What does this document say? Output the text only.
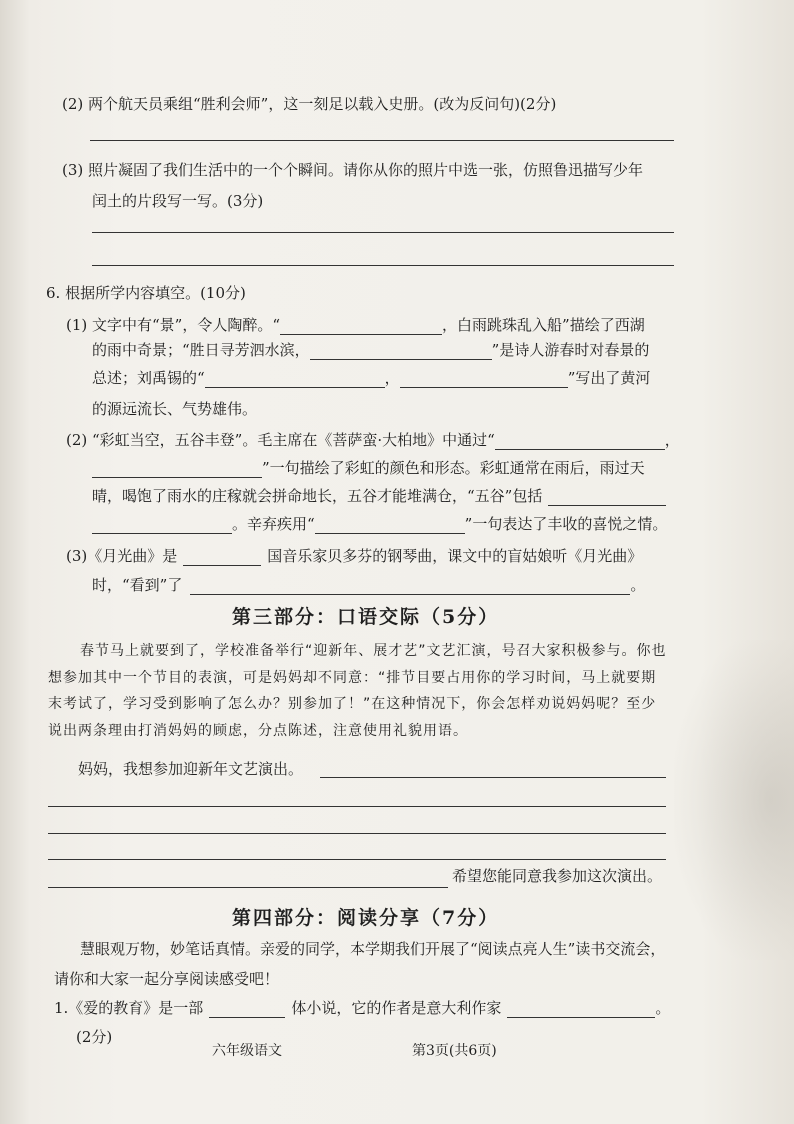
(2) 两个航天员乘组“胜利会师”，这一刻足以载入史册。(改为反问句)(2分)
(3) 照片凝固了我们生活中的一个个瞬间。请你从你的照片中选一张，仿照鲁迅描写少年
闰土的片段写一写。(3分)
6. 根据所学内容填空。(10分)
(1) 文字中有“景”，令人陶醉。“	，白雨跳珠乱入船”描绘了西湖
的雨中奇景；“胜日寻芳泗水滨，	”是诗人游春时对春景的
总述；刘禹锡的“	，	”写出了黄河
的源远流长、气势雄伟。
(2) “彩虹当空，五谷丰登”。毛主席在《菩萨蛮·大柏地》中通过“	，
”一句描绘了彩虹的颜色和形态。彩虹通常在雨后，雨过天
晴，喝饱了雨水的庄稼就会拼命地长，五谷才能堆满仓，“五谷”包括
。辛弃疾用“	”一句表达了丰收的喜悦之情。
(3)《月光曲》是	国音乐家贝多芬的钢琴曲，课文中的盲姑娘听《月光曲》
时，“看到”了	。
第三部分：口语交际（5分）
春节马上就要到了，学校准备举行“迎新年、展才艺”文艺汇演，号召大家积极参与。你也
想参加其中一个节目的表演，可是妈妈却不同意：“排节目要占用你的学习时间，马上就要期
末考试了，学习受到影响了怎么办？别参加了！”在这种情况下，你会怎样劝说妈妈呢？至少
说出两条理由打消妈妈的顾虑，分点陈述，注意使用礼貌用语。
妈妈，我想参加迎新年文艺演出。
希望您能同意我参加这次演出。
第四部分：阅读分享（7分）
慧眼观万物，妙笔话真情。亲爱的同学，本学期我们开展了“阅读点亮人生”读书交流会，
请你和大家一起分享阅读感受吧！
1.《爱的教育》是一部	体小说，它的作者是意大利作家	。
(2分)
六年级语文	第3页(共6页)
